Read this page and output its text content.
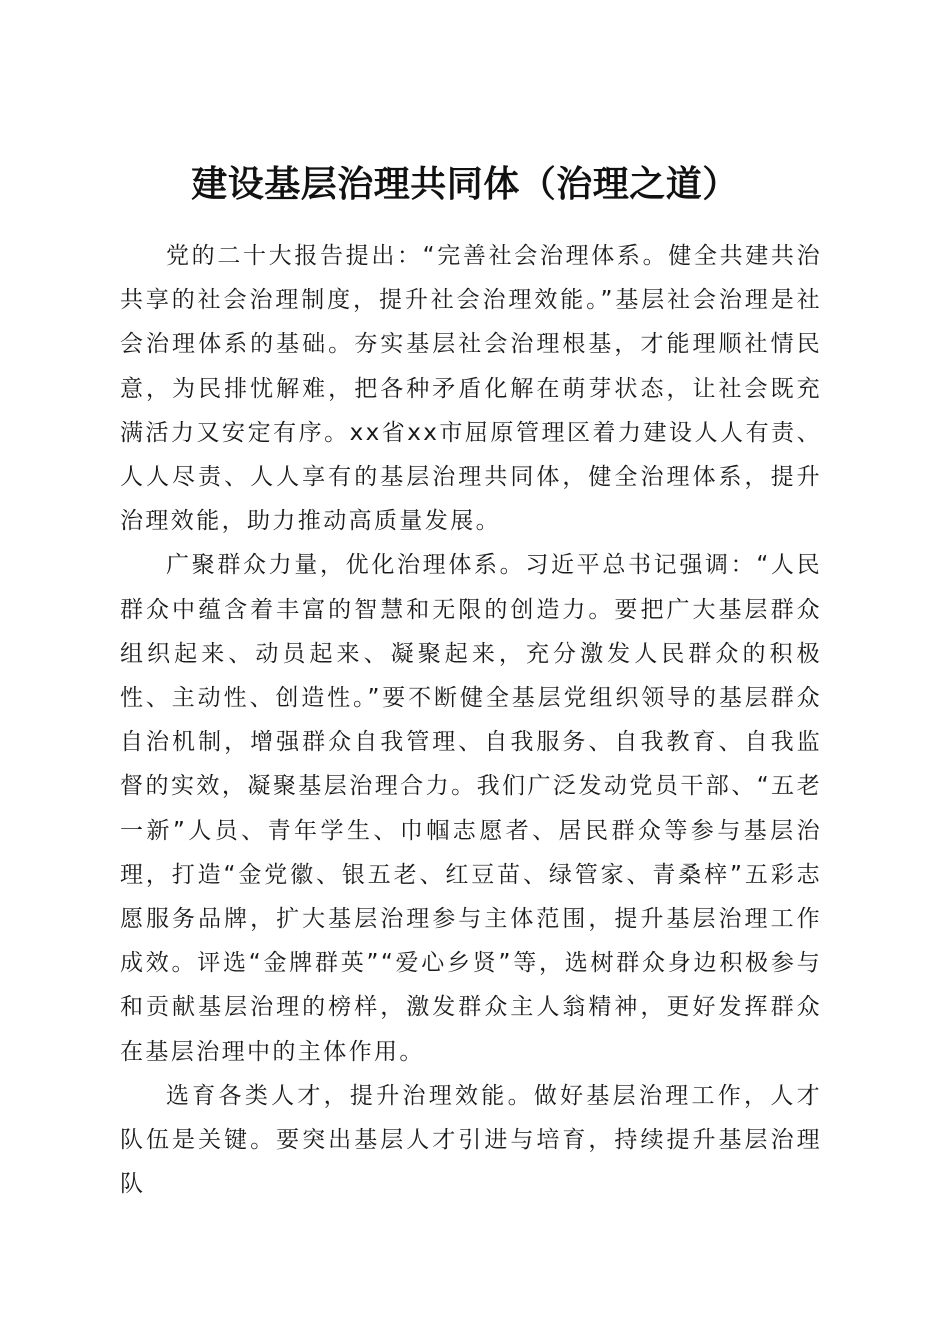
建设基层治理共同体（治理之道）

党的二十大报告提出：“完善社会治理体系。健全共建共治共享的社会治理制度，提升社会治理效能。”基层社会治理是社会治理体系的基础。夯实基层社会治理根基，才能理顺社情民意，为民排忧解难，把各种矛盾化解在萌芽状态，让社会既充满活力又安定有序。xx省xx市屈原管理区着力建设人人有责、人人尽责、人人享有的基层治理共同体，健全治理体系，提升治理效能，助力推动高质量发展。

广聚群众力量，优化治理体系。习近平总书记强调：“人民群众中蕴含着丰富的智慧和无限的创造力。要把广大基层群众组织起来、动员起来、凝聚起来，充分激发人民群众的积极性、主动性、创造性。”要不断健全基层党组织领导的基层群众自治机制，增强群众自我管理、自我服务、自我教育、自我监督的实效，凝聚基层治理合力。我们广泛发动党员干部、“五老一新”人员、青年学生、巾帼志愿者、居民群众等参与基层治理，打造“金党徽、银五老、红豆苗、绿管家、青桑梓”五彩志愿服务品牌，扩大基层治理参与主体范围，提升基层治理工作成效。评选“金牌群英”“爱心乡贤”等，选树群众身边积极参与和贡献基层治理的榜样，激发群众主人翁精神，更好发挥群众在基层治理中的主体作用。

选育各类人才，提升治理效能。做好基层治理工作，人才队伍是关键。要突出基层人才引进与培育，持续提升基层治理队
